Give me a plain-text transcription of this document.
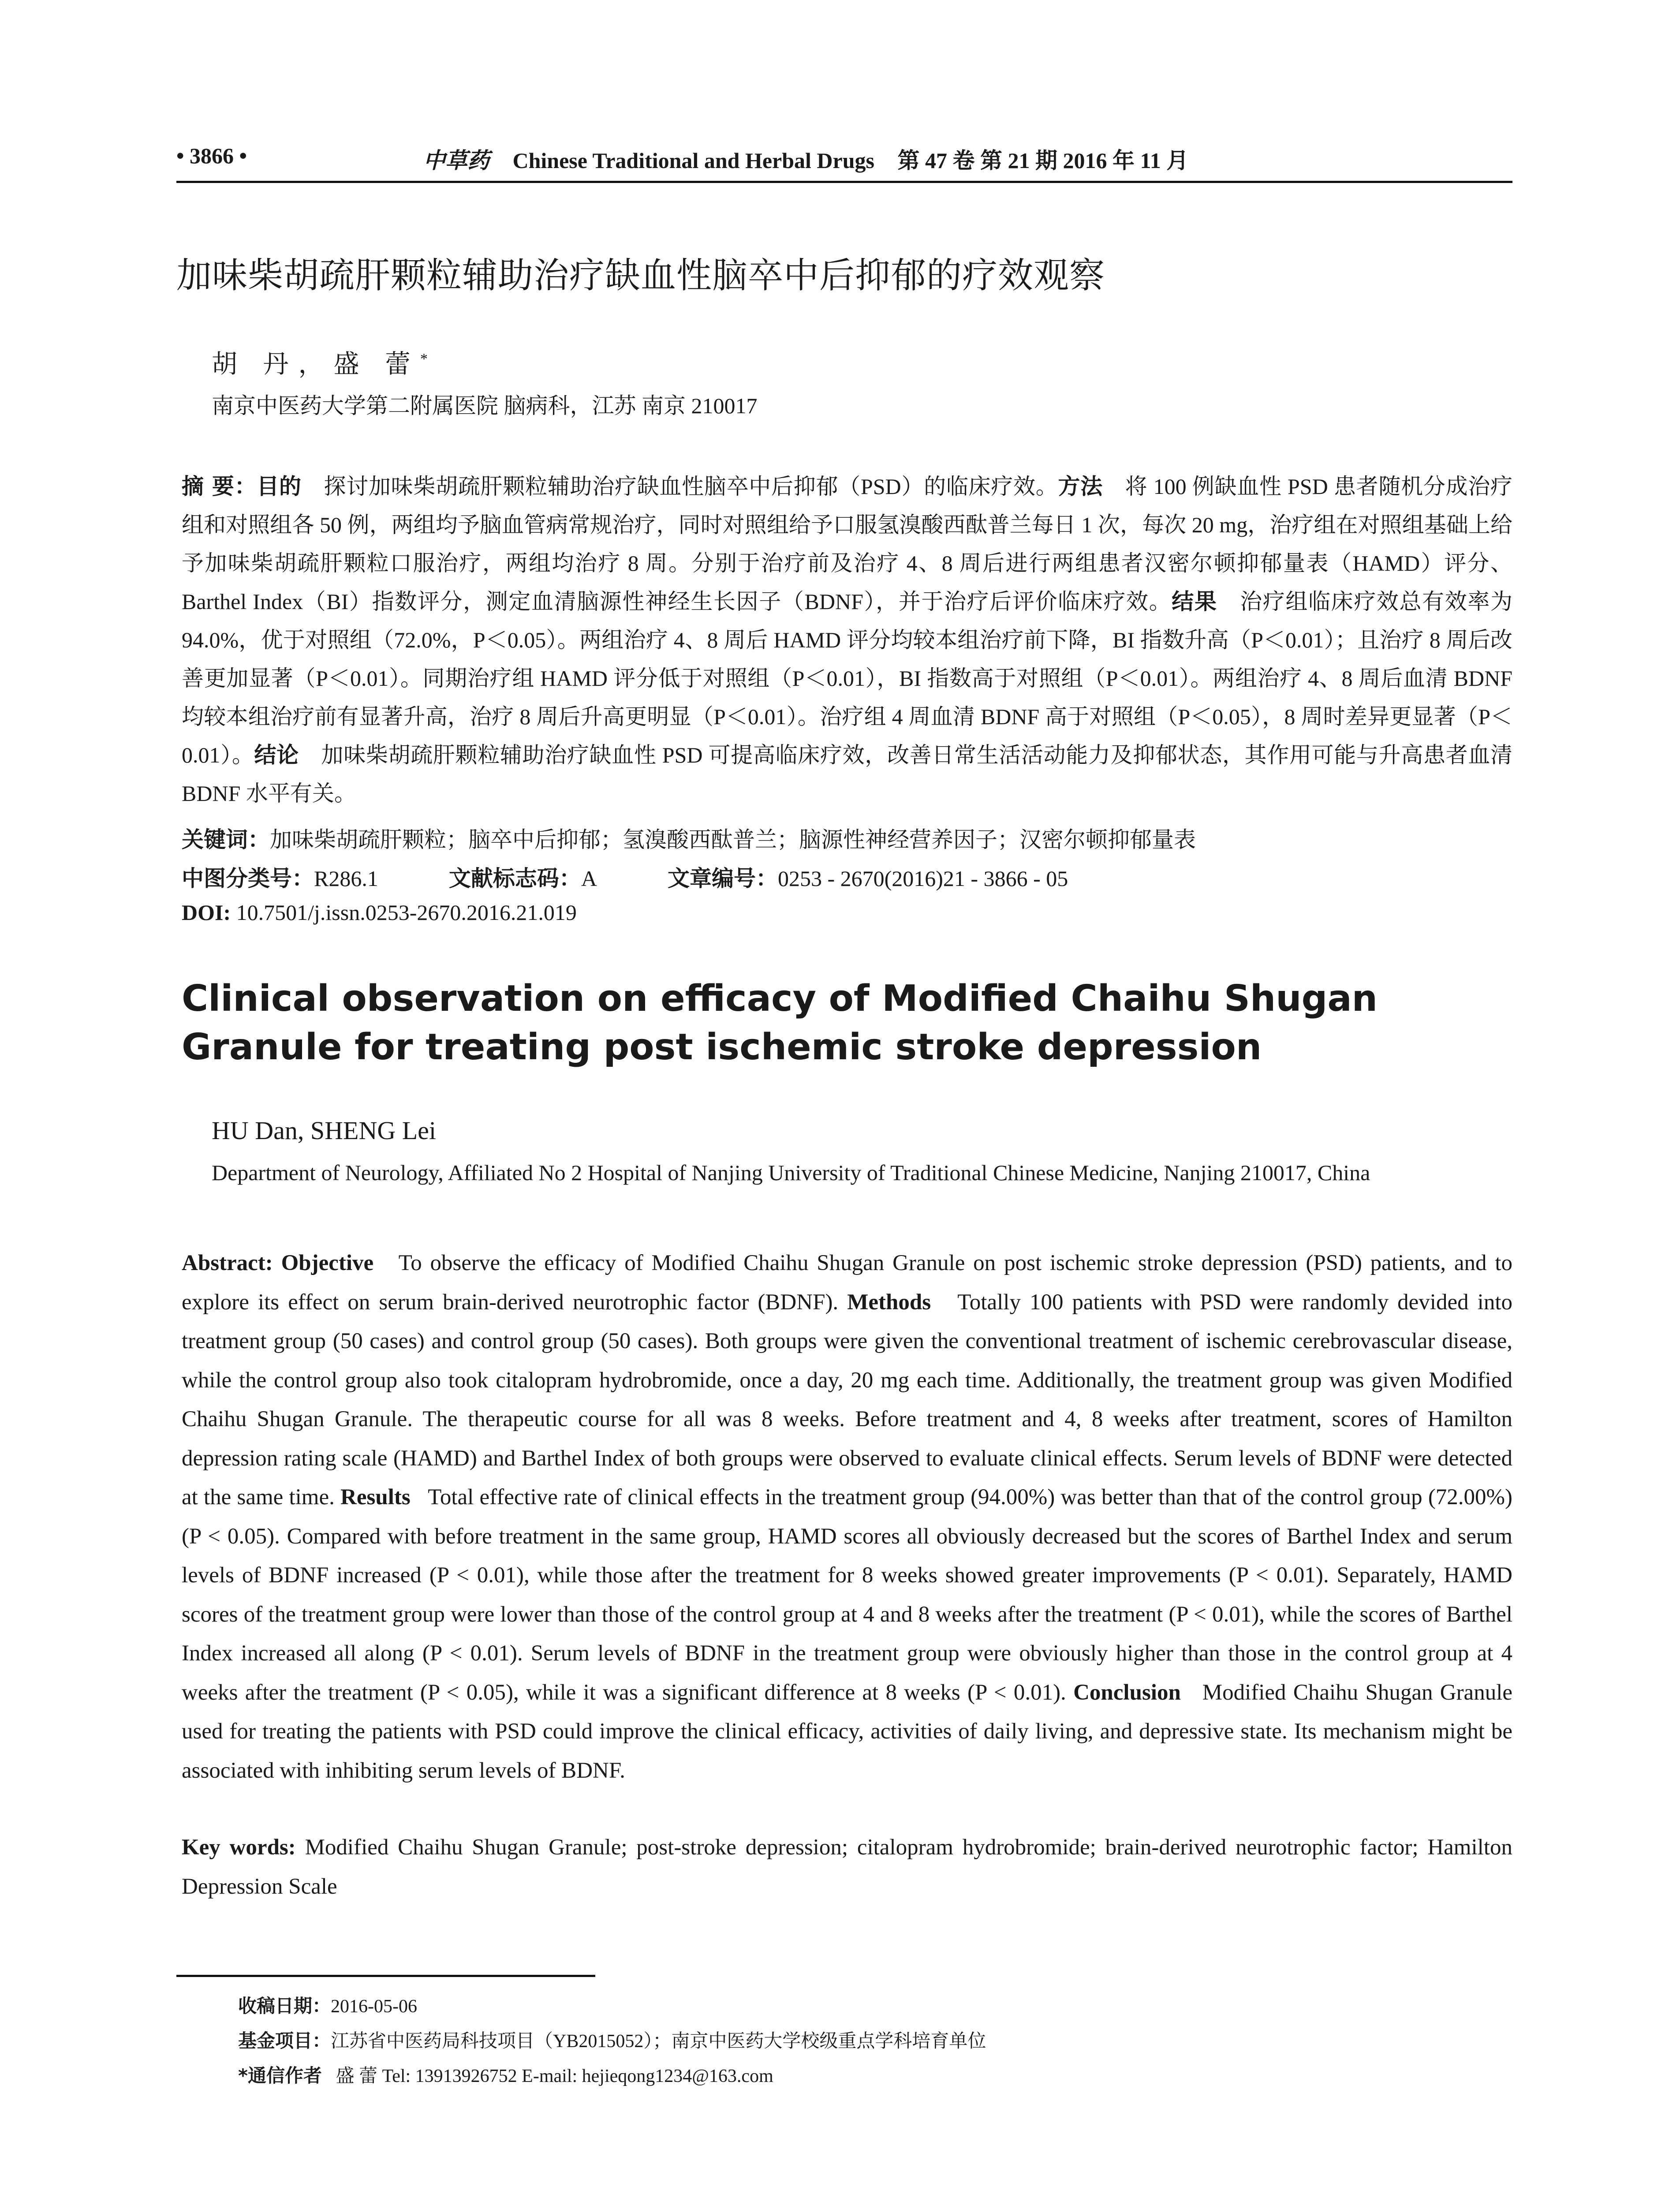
• 3866 •	中草药 Chinese Traditional and Herbal Drugs 第 47 卷 第 21 期 2016 年 11 月
加味柴胡疏肝颗粒辅助治疗缺血性脑卒中后抑郁的疗效观察
胡 丹，盛 蕾*
南京中医药大学第二附属医院 脑病科，江苏 南京 210017
摘 要：目的　 探讨加味柴胡疏肝颗粒辅助治疗缺血性脑卒中后抑郁（PSD）的临床疗效。方法　 将 100 例缺血性 PSD 患者随机分成治疗组和对照组各 50 例，两组均予脑血管病常规治疗，同时对照组给予口服氢溴酸西酞普兰每日 1 次，每次 20 mg，治疗组在对照组基础上给予加味柴胡疏肝颗粒口服治疗，两组均治疗 8 周。分别于治疗前及治疗 4、8 周后进行两组患者汉密尔顿抑郁量表（HAMD）评分、Barthel Index（BI）指数评分，测定血清脑源性神经生长因子（BDNF），并于治疗后评价临床疗效。结果　 治疗组临床疗效总有效率为 94.0%，优于对照组（72.0%，P＜0.05）。两组治疗 4、8 周后 HAMD 评分均较本组治疗前下降，BI 指数升高（P＜0.01）；且治疗 8 周后改善更加显著（P＜0.01）。同期治疗组 HAMD 评分低于对照组（P＜0.01），BI 指数高于对照组（P＜0.01）。两组治疗 4、8 周后血清 BDNF 均较本组治疗前有显著升高，治疗 8 周后升高更明显（P＜0.01）。治疗组 4 周血清 BDNF 高于对照组（P＜0.05），8 周时差异更显著（P＜0.01）。结论　 加味柴胡疏肝颗粒辅助治疗缺血性 PSD 可提高临床疗效，改善日常生活活动能力及抑郁状态，其作用可能与升高患者血清 BDNF 水平有关。
关键词：加味柴胡疏肝颗粒；脑卒中后抑郁；氢溴酸西酞普兰；脑源性神经营养因子；汉密尔顿抑郁量表
中图分类号：R286.1	文献标志码：A	文章编号：0253 - 2670(2016)21 - 3866 - 05
DOI: 10.7501/j.issn.0253-2670.2016.21.019
Clinical observation on efficacy of Modified Chaihu Shugan Granule for treating post ischemic stroke depression
HU Dan, SHENG Lei
Department of Neurology, Affiliated No 2 Hospital of Nanjing University of Traditional Chinese Medicine, Nanjing 210017, China
Abstract: Objective To observe the efficacy of Modified Chaihu Shugan Granule on post ischemic stroke depression (PSD) patients, and to explore its effect on serum brain-derived neurotrophic factor (BDNF). Methods Totally 100 patients with PSD were randomly devided into treatment group (50 cases) and control group (50 cases). Both groups were given the conventional treatment of ischemic cerebrovascular disease, while the control group also took citalopram hydrobromide, once a day, 20 mg each time. Additionally, the treatment group was given Modified Chaihu Shugan Granule. The therapeutic course for all was 8 weeks. Before treatment and 4, 8 weeks after treatment, scores of Hamilton depression rating scale (HAMD) and Barthel Index of both groups were observed to evaluate clinical effects. Serum levels of BDNF were detected at the same time. Results Total effective rate of clinical effects in the treatment group (94.00%) was better than that of the control group (72.00%) (P < 0.05). Compared with before treatment in the same group, HAMD scores all obviously decreased but the scores of Barthel Index and serum levels of BDNF increased (P < 0.01), while those after the treatment for 8 weeks showed greater improvements (P < 0.01). Separately, HAMD scores of the treatment group were lower than those of the control group at 4 and 8 weeks after the treatment (P < 0.01), while the scores of Barthel Index increased all along (P < 0.01). Serum levels of BDNF in the treatment group were obviously higher than those in the control group at 4 weeks after the treatment (P < 0.05), while it was a significant difference at 8 weeks (P < 0.01). Conclusion Modified Chaihu Shugan Granule used for treating the patients with PSD could improve the clinical efficacy, activities of daily living, and depressive state. Its mechanism might be associated with inhibiting serum levels of BDNF.
Key words: Modified Chaihu Shugan Granule; post-stroke depression; citalopram hydrobromide; brain-derived neurotrophic factor; Hamilton Depression Scale
收稿日期：2016-05-06
基金项目：江苏省中医药局科技项目（YB2015052）；南京中医药大学校级重点学科培育单位
*通信作者 盛 蕾 Tel: 13913926752 E-mail: hejieqong1234@163.com
